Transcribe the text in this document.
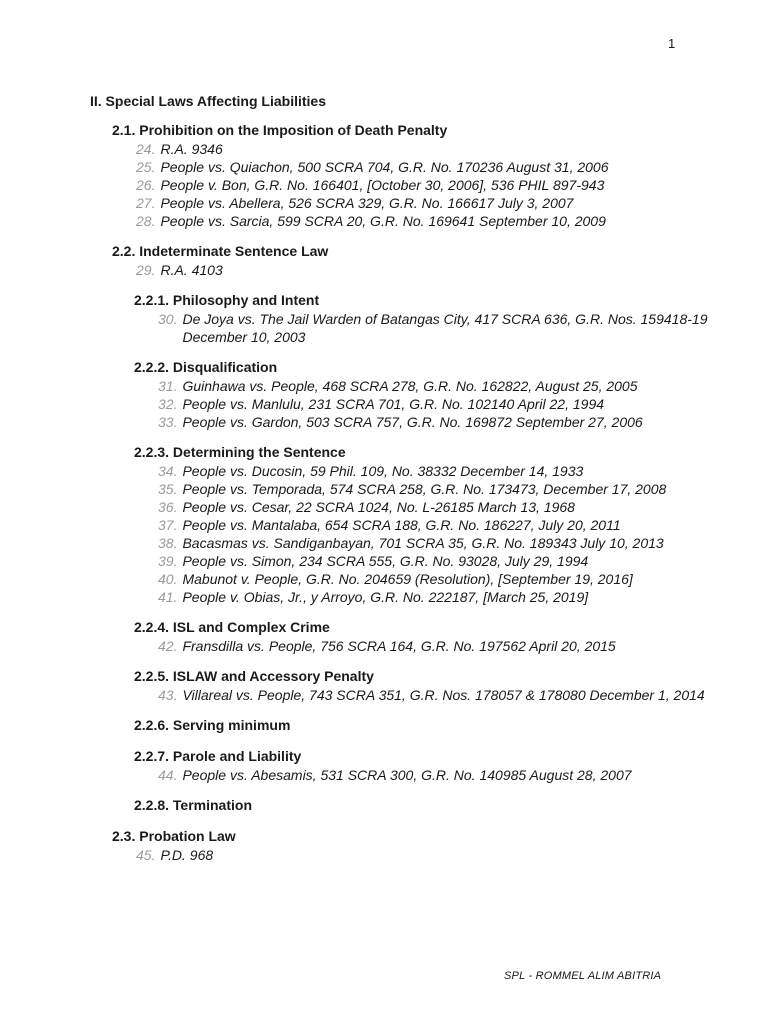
1
II. Special Laws Affecting Liabilities
2.1. Prohibition on the Imposition of Death Penalty
24. R.A. 9346
25. People vs. Quiachon, 500 SCRA 704, G.R. No. 170236 August 31, 2006
26. People v. Bon, G.R. No. 166401, [October 30, 2006], 536 PHIL 897-943
27. People vs. Abellera, 526 SCRA 329, G.R. No. 166617 July 3, 2007
28. People vs. Sarcia, 599 SCRA 20, G.R. No. 169641 September 10, 2009
2.2. Indeterminate Sentence Law
29. R.A. 4103
2.2.1. Philosophy and Intent
30. De Joya vs. The Jail Warden of Batangas City, 417 SCRA 636, G.R. Nos. 159418-19 December 10, 2003
2.2.2. Disqualification
31. Guinhawa vs. People, 468 SCRA 278, G.R. No. 162822, August 25, 2005
32. People vs. Manlulu, 231 SCRA 701, G.R. No. 102140 April 22, 1994
33. People vs. Gardon, 503 SCRA 757, G.R. No. 169872 September 27, 2006
2.2.3. Determining the Sentence
34. People vs. Ducosin, 59 Phil. 109, No. 38332 December 14, 1933
35. People vs. Temporada, 574 SCRA 258, G.R. No. 173473, December 17, 2008
36. People vs. Cesar, 22 SCRA 1024, No. L-26185 March 13, 1968
37. People vs. Mantalaba, 654 SCRA 188, G.R. No. 186227, July 20, 2011
38. Bacasmas vs. Sandiganbayan, 701 SCRA 35, G.R. No. 189343 July 10, 2013
39. People vs. Simon, 234 SCRA 555, G.R. No. 93028, July 29, 1994
40. Mabunot v. People, G.R. No. 204659 (Resolution), [September 19, 2016]
41. People v. Obias, Jr., y Arroyo, G.R. No. 222187, [March 25, 2019]
2.2.4. ISL and Complex Crime
42. Fransdilla vs. People, 756 SCRA 164, G.R. No. 197562 April 20, 2015
2.2.5. ISLAW and Accessory Penalty
43. Villareal vs. People, 743 SCRA 351, G.R. Nos. 178057 & 178080 December 1, 2014
2.2.6. Serving minimum
2.2.7. Parole and Liability
44. People vs. Abesamis, 531 SCRA 300, G.R. No. 140985 August 28, 2007
2.2.8. Termination
2.3. Probation Law
45. P.D. 968
SPL - ROMMEL ALIM ABITRIA
